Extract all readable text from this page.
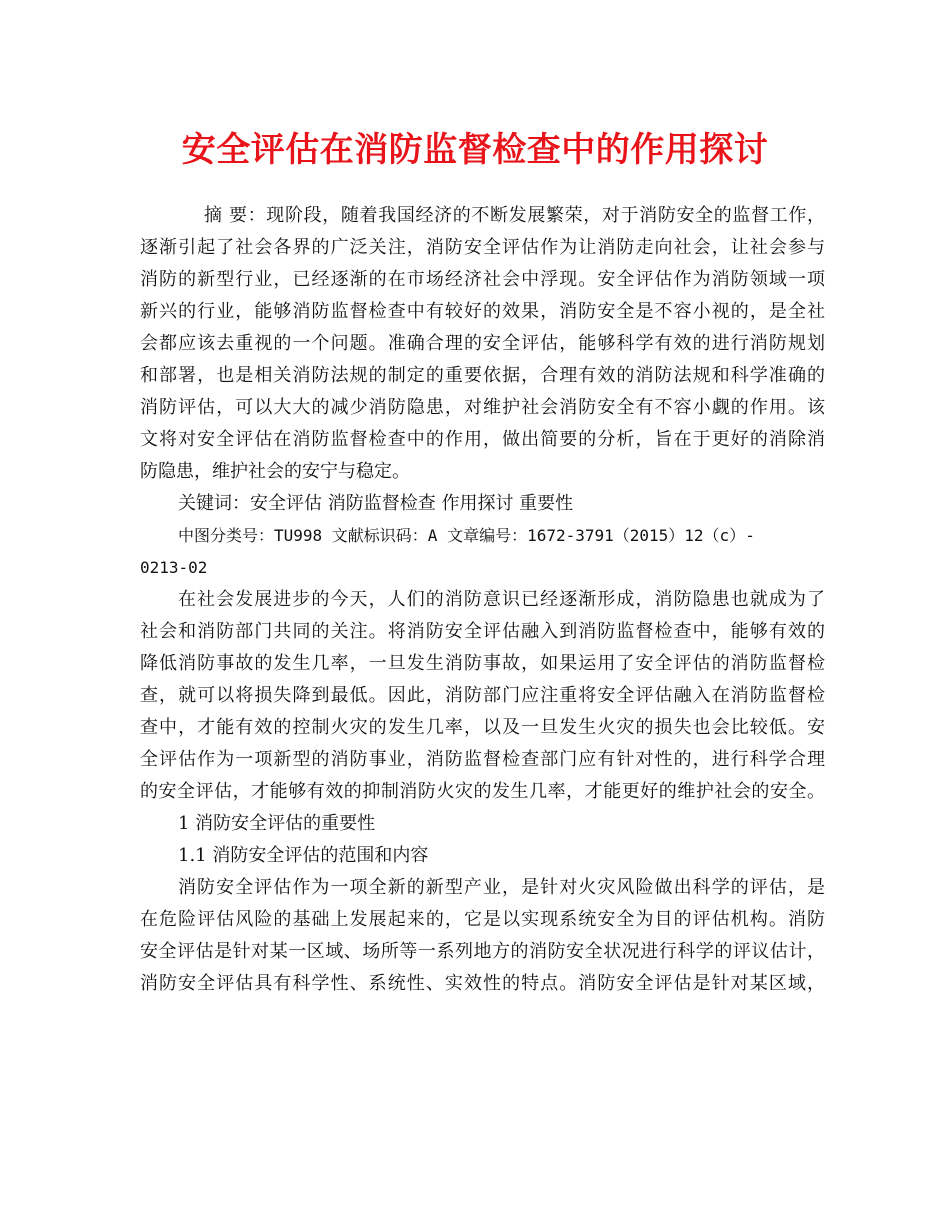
安全评估在消防监督检查中的作用探讨
摘 要：现阶段，随着我国经济的不断发展繁荣，对于消防安全的监督工作，
逐渐引起了社会各界的广泛关注，消防安全评估作为让消防走向社会，让社会参与
消防的新型行业，已经逐渐的在市场经济社会中浮现。安全评估作为消防领域一项
新兴的行业，能够消防监督检查中有较好的效果，消防安全是不容小视的，是全社
会都应该去重视的一个问题。准确合理的安全评估，能够科学有效的进行消防规划
和部署，也是相关消防法规的制定的重要依据，合理有效的消防法规和科学准确的
消防评估，可以大大的减少消防隐患，对维护社会消防安全有不容小觑的作用。该
文将对安全评估在消防监督检查中的作用，做出简要的分析，旨在于更好的消除消
防隐患，维护社会的安宁与稳定。
关键词：安全评估 消防监督检查 作用探讨 重要性
中图分类号：TU998 文献标识码：A 文章编号：1672-3791（2015）12（c）-
0213-02
在社会发展进步的今天，人们的消防意识已经逐渐形成，消防隐患也就成为了
社会和消防部门共同的关注。将消防安全评估融入到消防监督检查中，能够有效的
降低消防事故的发生几率，一旦发生消防事故，如果运用了安全评估的消防监督检
查，就可以将损失降到最低。因此，消防部门应注重将安全评估融入在消防监督检
查中，才能有效的控制火灾的发生几率，以及一旦发生火灾的损失也会比较低。安
全评估作为一项新型的消防事业，消防监督检查部门应有针对性的，进行科学合理
的安全评估，才能够有效的抑制消防火灾的发生几率，才能更好的维护社会的安全。
1 消防安全评估的重要性
1.1 消防安全评估的范围和内容
消防安全评估作为一项全新的新型产业，是针对火灾风险做出科学的评估，是
在危险评估风险的基础上发展起来的，它是以实现系统安全为目的评估机构。消防
安全评估是针对某一区域、场所等一系列地方的消防安全状况进行科学的评议估计，
消防安全评估具有科学性、系统性、实效性的特点。消防安全评估是针对某区域，
